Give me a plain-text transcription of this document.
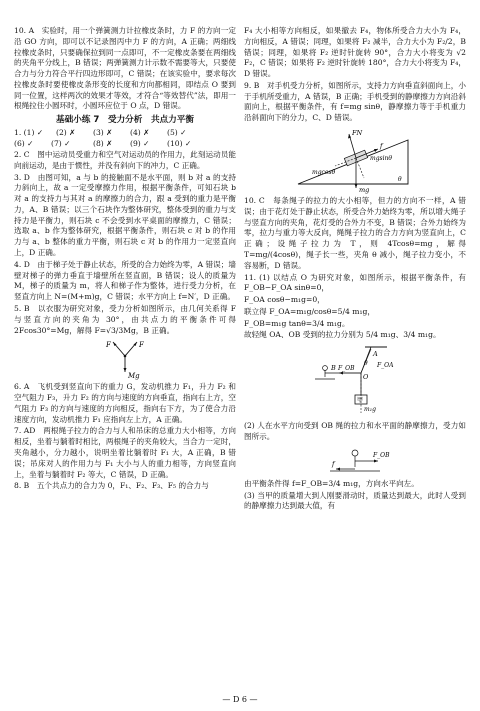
10. A　实验时，用一个弹簧测力计拉橡皮条时，力 F 的方向一定沿 GO 方向，即可以不记录图丙中力 F 的方向，A 正确；两细线拉橡皮条时，只要确保拉到同一点即可，不一定橡皮条要在两细线的夹角平分线上，B 错误；两弹簧测力计示数不需要等大，只要使合力与分力符合平行四边形即可，C 错误；在该实验中，要求每次拉橡皮条时要使橡皮条形变的长度和方向都相同，即结点 O 要到同一位置，这样两次的效果才等效，才符合“等效替代”法，即用一根绳拉住小圆环时，小圆环应位于 O 点，D 错误。

基础小练 7　受力分析　共点力平衡
1. (1) ✓	(2) ✗	(3) ✗	(4) ✗	(5) ✓
(6) ✓	(7) ✓	(8) ✗	(9) ✓	(10) ✓

2. C　图中运动员受重力和空气对运动员的作用力，此刻运动员能向前运动，是由于惯性，并没有斜向下的冲力，C 正确。

3. D　由图可知，a 与 b 的接触面不是水平面，则 b 对 a 的支持力斜向上，故 a 一定受摩擦力作用，根据平衡条件，可知石块 b 对 a 的支持力与其对 a 的摩擦力的合力，跟 a 受到的重力是平衡力，A、B 错误；以三个石块作为整体研究，整体受到的重力与支持力是平衡力，则石块 c 不会受到水平桌面的摩擦力，C 错误；选取 a、b 作为整体研究，根据平衡条件，则石块 c 对 b 的作用力与 a、b 整体的重力平衡，则石块 c 对 b 的作用力一定竖直向上，D 正确。

4. D　由于梯子处于静止状态，所受的合力始终为零，A 错误；墙壁对梯子的弹力垂直于墙壁所在竖直面，B 错误；设人的质量为 M，梯子的质量为 m，将人和梯子作为整体，进行受力分析，在竖直方向上 N=(M+m)g，C 错误；水平方向上 f=N′，D 正确。

5. B　以衣服为研究对象，受力分析如图所示，由几何关系得 F 与竖直方向的夹角为 30°，由共点力的平衡条件可得 2Fcos30°=Mg，解得 F=√3/3Mg，B 正确。

F	F
Mg

6. A　飞机受到竖直向下的重力 G，发动机推力 F₁，升力 F₂ 和空气阻力 F₃，升力 F₂ 的方向与速度的方向垂直，指向右上方，空气阻力 F₃ 的方向与速度的方向相反，指向右下方，为了使合力沿速度方向，发动机推力 F₁ 应指向左上方，A 正确。

7. AD　两根绳子拉力的合力与人和吊床的总重力大小相等，方向相反，坐着与躺着时相比，两根绳子的夹角较大，当合力一定时，夹角越小，分力越小，说明坐着比躺着时 F₁ 大，A 正确，B 错误；吊床对人的作用力与 F₁ 大小与人的重力相等，方向竖直向上，坐着与躺着时 F₂ 等大，C 错误，D 正确。

8. B　五个共点力的合力为 0，F₁、F₂、F₃、F₅ 的合力与

F₄ 大小相等方向相反，如果撤去 F₄，物体所受合力大小为 F₄，方向相反，A 错误；同理，如果将 F₂ 减半，合力大小为 F₂/2，B 错误；同理，如果将 F₂ 逆时针旋转 90°，合力大小将变为 √2 F₂，C 错误；如果将 F₂ 逆时针旋转 180°，合力大小将变为 F₄，D 错误。

9. B　对手机受力分析，如图所示，支持力方向垂直斜面向上，小于手机所受重力，A 错误，B 正确；手机受到的静摩擦力方向沿斜面向上，根据平衡条件，有 f=mg sinθ，静摩擦力等于手机重力沿斜面向下的分力，C、D 错误。

FN
f
mgsinθ
mgcosθ
θ
mg

10. C　每条绳子的拉力的大小相等，但力的方向不一样，A 错误；由于花灯处于静止状态，所受合外力始终为零，所以增大绳子与竖直方向的夹角，花灯受的合外力不变，B 错误；合外力始终为零，拉力与重力等大反向，绳绳子拉力的合力方向为竖直向上，C 正确；设绳子拉力为 T，则 4Tcosθ=mg，解得 T=mg/(4cosθ)，绳子长一些，夹角 θ 减小，绳子拉力变小，不容易断，D 错误。

11. (1) 以结点 O 为研究对象，如图所示，根据平衡条件，有 F_OB−F_OA sinθ=0，

F_OA cosθ−m₁g=0，

联立得 F_OA=m₁g/cosθ=5/4 m₁g，

F_OB=m₁g tanθ=3/4 m₁g。

故轻绳 OA、OB 受到的拉力分别为 5/4 m₁g、3/4 m₁g。

A
B
O
θ
甲
m₁g
F_OB	F_OA

(2) 人在水平方向受到 OB 绳的拉力和水平面的静摩擦力，受力如图所示。

f
F_OB

由平衡条件得 f=F_OB=3/4 m₁g，方向水平向左。

(3) 当甲的质量增大到人刚要滑动时，质量达到最大，此时人受到的静摩擦力达到最大值，有

— D 6 —
